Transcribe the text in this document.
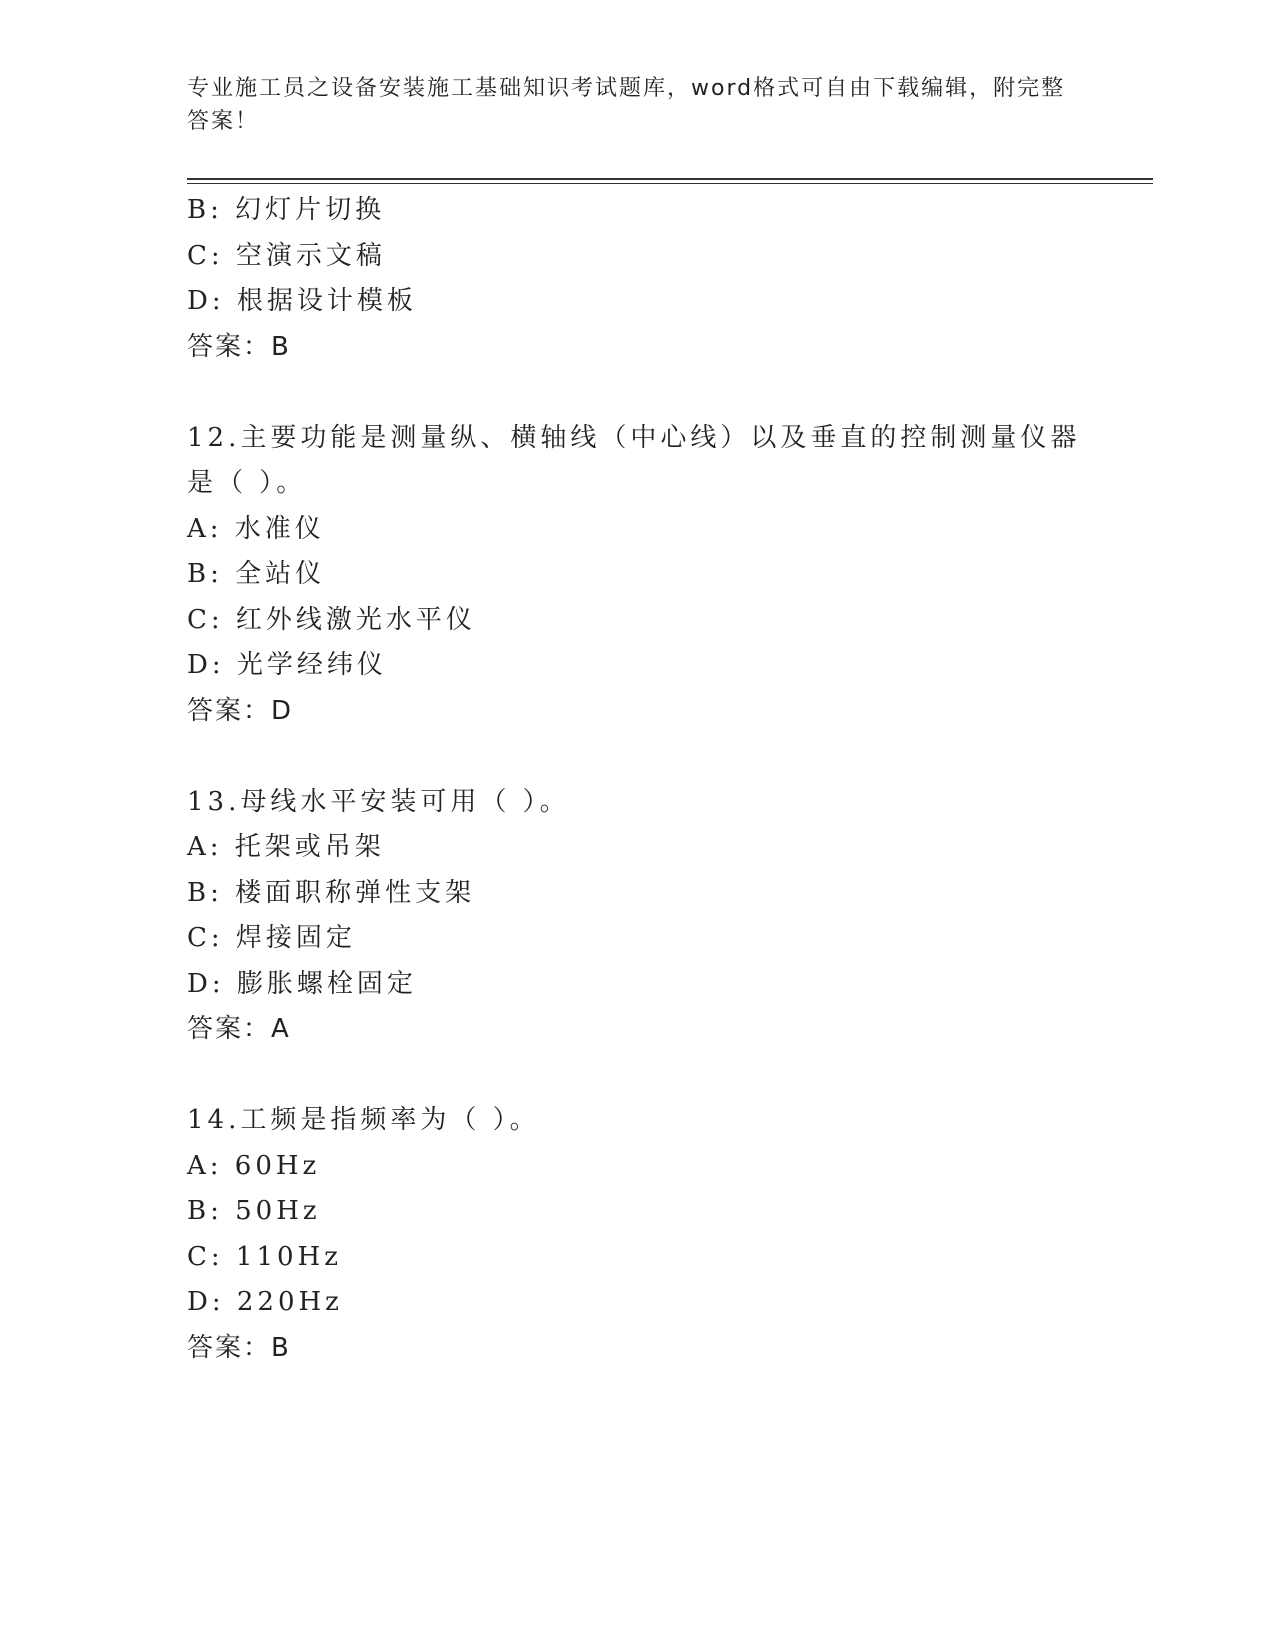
专业施工员之设备安装施工基础知识考试题库，word格式可自由下载编辑，附完整答案！
B: 幻灯片切换
C: 空演示文稿
D: 根据设计模板
答案：B
12.主要功能是测量纵、横轴线（中心线）以及垂直的控制测量仪器是（ ）。
A: 水准仪
B: 全站仪
C: 红外线激光水平仪
D: 光学经纬仪
答案：D
13.母线水平安装可用（ ）。
A: 托架或吊架
B: 楼面职称弹性支架
C: 焊接固定
D: 膨胀螺栓固定
答案：A
14.工频是指频率为（ ）。
A: 60Hz
B: 50Hz
C: 110Hz
D: 220Hz
答案：B
